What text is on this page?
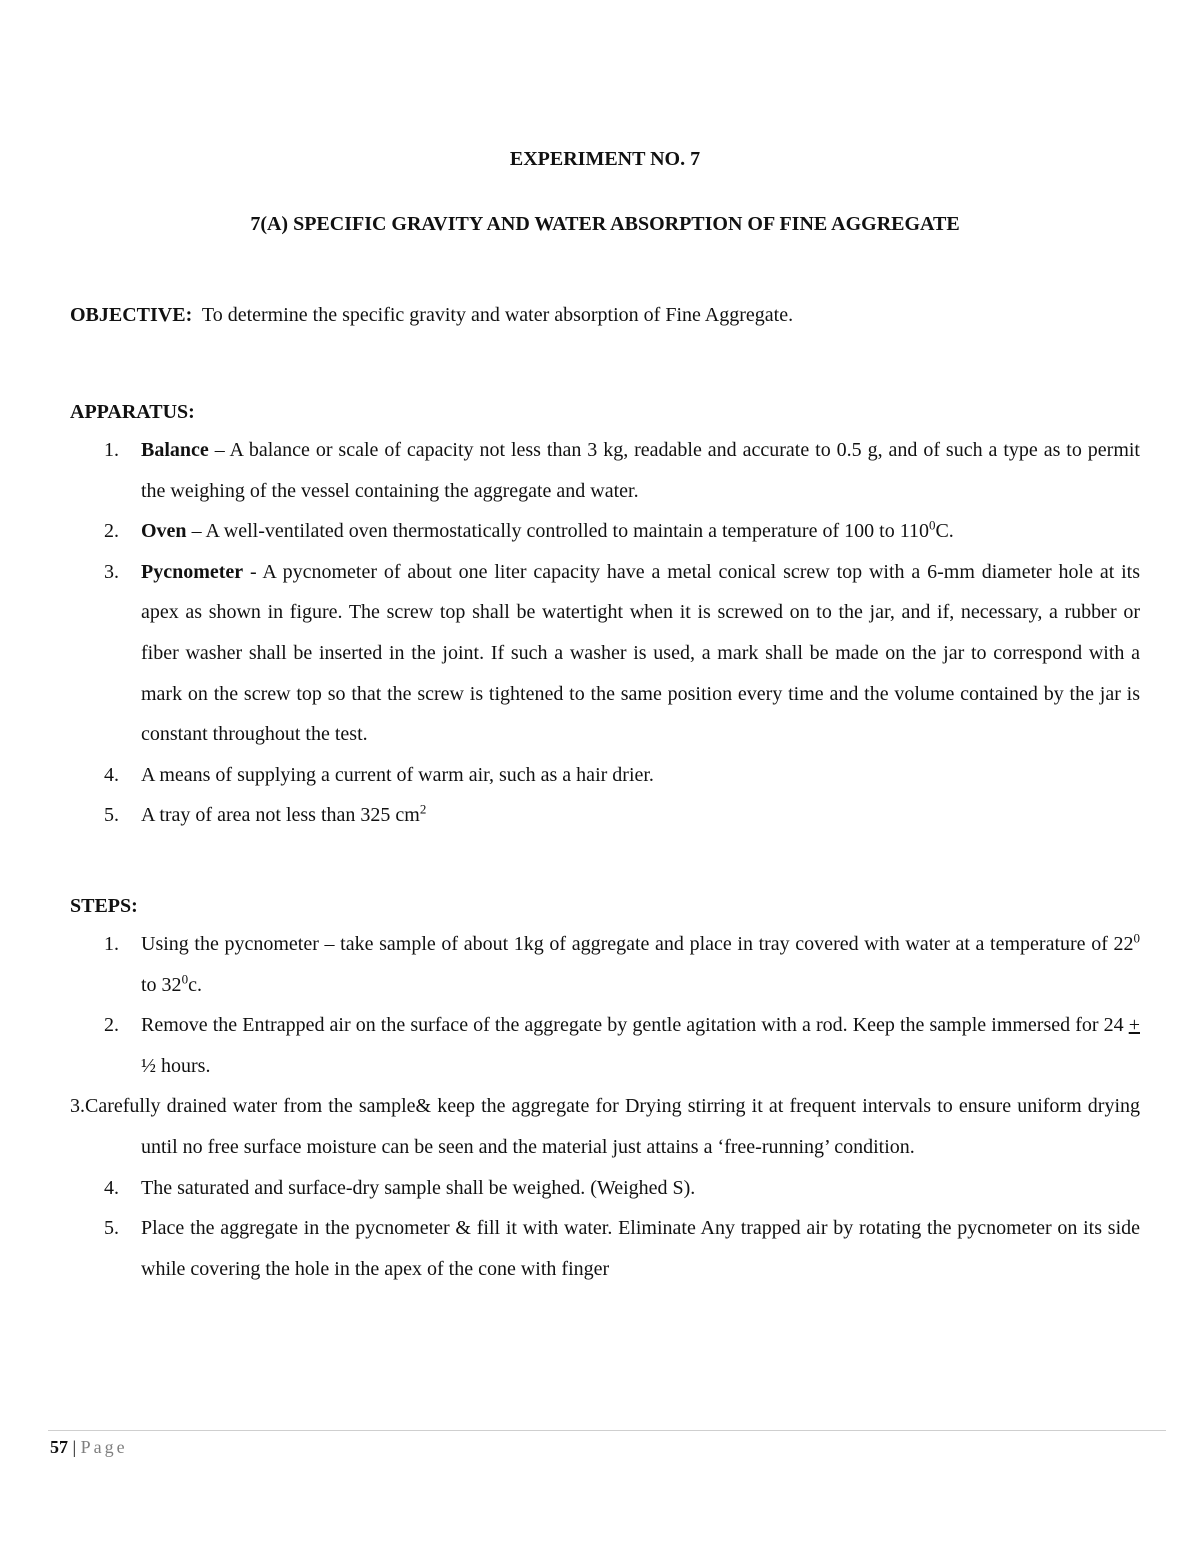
EXPERIMENT NO. 7
7(A) SPECIFIC GRAVITY AND WATER ABSORPTION OF FINE AGGREGATE
OBJECTIVE: To determine the specific gravity and water absorption of Fine Aggregate.
APPARATUS:
1. Balance – A balance or scale of capacity not less than 3 kg, readable and accurate to 0.5 g, and of such a type as to permit the weighing of the vessel containing the aggregate and water.
2. Oven – A well-ventilated oven thermostatically controlled to maintain a temperature of 100 to $110^0C$.
3. Pycnometer - A pycnometer of about one liter capacity have a metal conical screw top with a 6-mm diameter hole at its apex as shown in figure. The screw top shall be watertight when it is screwed on to the jar, and if, necessary, a rubber or fiber washer shall be inserted in the joint. If such a washer is used, a mark shall be made on the jar to correspond with a mark on the screw top so that the screw is tightened to the same position every time and the volume contained by the jar is constant throughout the test.
4. A means of supplying a current of warm air, such as a hair drier.
5. A tray of area not less than 325 $cm^2$
STEPS:
1. Using the pycnometer – take sample of about 1kg of aggregate and place in tray covered with water at a temperature of $22^0$ to $32^0c$.
2. Remove the Entrapped air on the surface of the aggregate by gentle agitation with a rod. Keep the sample immersed for 24 + ½ hours.
3.Carefully drained water from the sample& keep the aggregate for Drying stirring it at frequent intervals to ensure uniform drying until no free surface moisture can be seen and the material just attains a ‘free-running’ condition.
4. The saturated and surface-dry sample shall be weighed. (Weighed S).
5. Place the aggregate in the pycnometer & fill it with water. Eliminate Any trapped air by rotating the pycnometer on its side while covering the hole in the apex of the cone with finger
57 | Page
